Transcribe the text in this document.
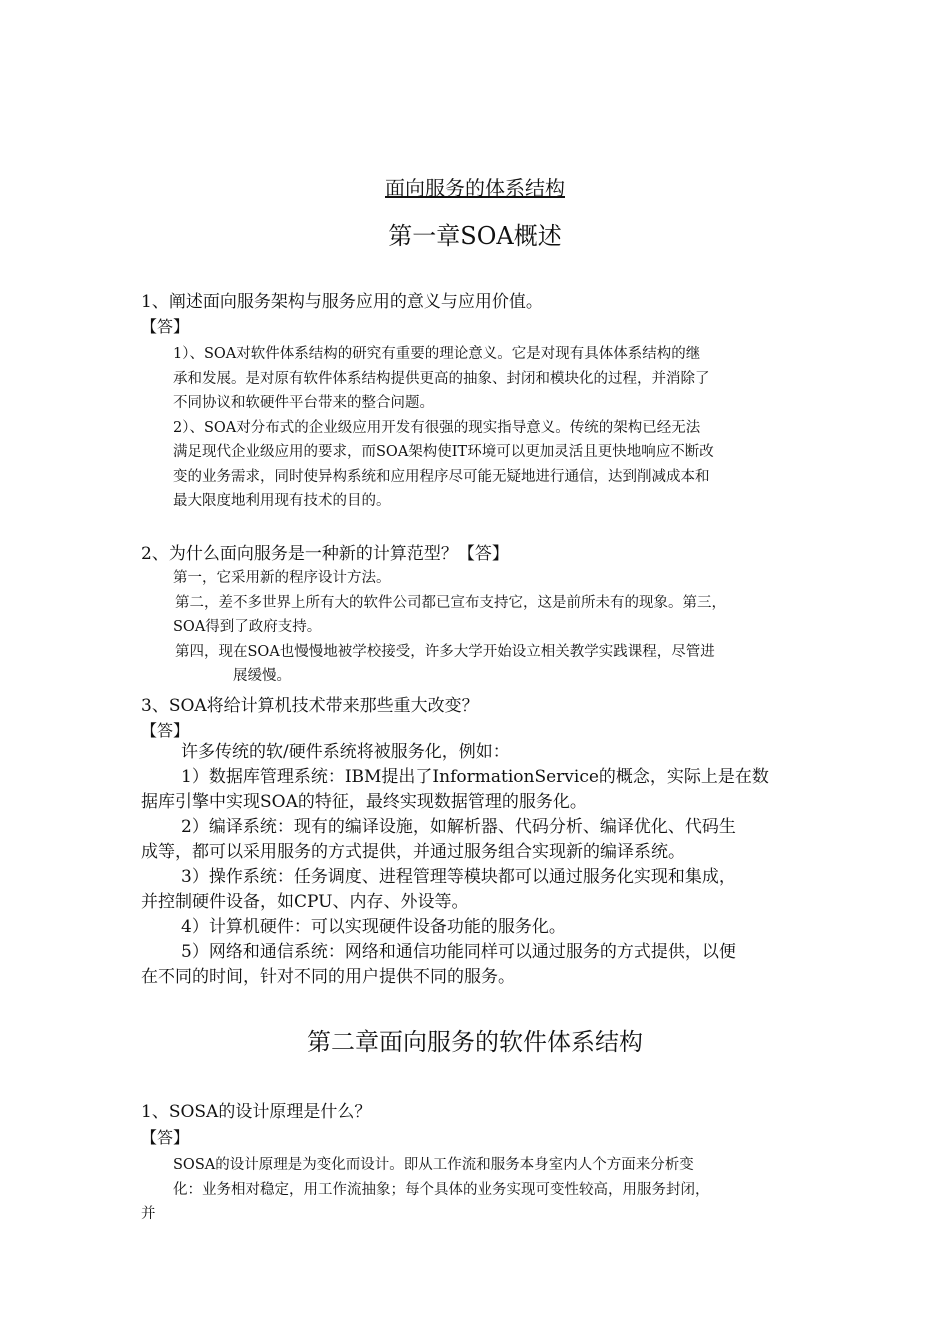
面向服务的体系结构
第一章SOA概述

1、阐述面向服务架构与服务应用的意义与应用价值。

【答】

1）、SOA对软件体系结构的研究有重要的理论意义。它是对现有具体体系结构的继
承和发展。是对原有软件体系结构提供更高的抽象、封闭和模块化的过程，并消除了
不同协议和软硬件平台带来的整合问题。
2）、SOA对分布式的企业级应用开发有很强的现实指导意义。传统的架构已经无法
满足现代企业级应用的要求，而SOA架构使IT环境可以更加灵活且更快地响应不断改
变的业务需求，同时使异构系统和应用程序尽可能无疑地进行通信，达到削减成本和
最大限度地利用现有技术的目的。

2、为什么面向服务是一种新的计算范型？【答】

第一，它采用新的程序设计方法。
第二，差不多世界上所有大的软件公司都已宣布支持它，这是前所未有的现象。第三，
SOA得到了政府支持。
第四，现在SOA也慢慢地被学校接受，许多大学开始设立相关教学实践课程，尽管进
展缓慢。

3、SOA将给计算机技术带来那些重大改变？

【答】

许多传统的软/硬件系统将被服务化，例如：
1）数据库管理系统：IBM提出了InformationService的概念，实际上是在数
据库引擎中实现SOA的特征，最终实现数据管理的服务化。
2）编译系统：现有的编译设施，如解析器、代码分析、编译优化、代码生
成等，都可以采用服务的方式提供，并通过服务组合实现新的编译系统。
3）操作系统：任务调度、进程管理等模块都可以通过服务化实现和集成，
并控制硬件设备，如CPU、内存、外设等。
4）计算机硬件：可以实现硬件设备功能的服务化。
5）网络和通信系统：网络和通信功能同样可以通过服务的方式提供，以便
在不同的时间，针对不同的用户提供不同的服务。
第二章面向服务的软件体系结构

1、SOSA的设计原理是什么？

【答】

SOSA的设计原理是为变化而设计。即从工作流和服务本身室内人个方面来分析变
化：业务相对稳定，用工作流抽象；每个具体的业务实现可变性较高，用服务封闭，
并
